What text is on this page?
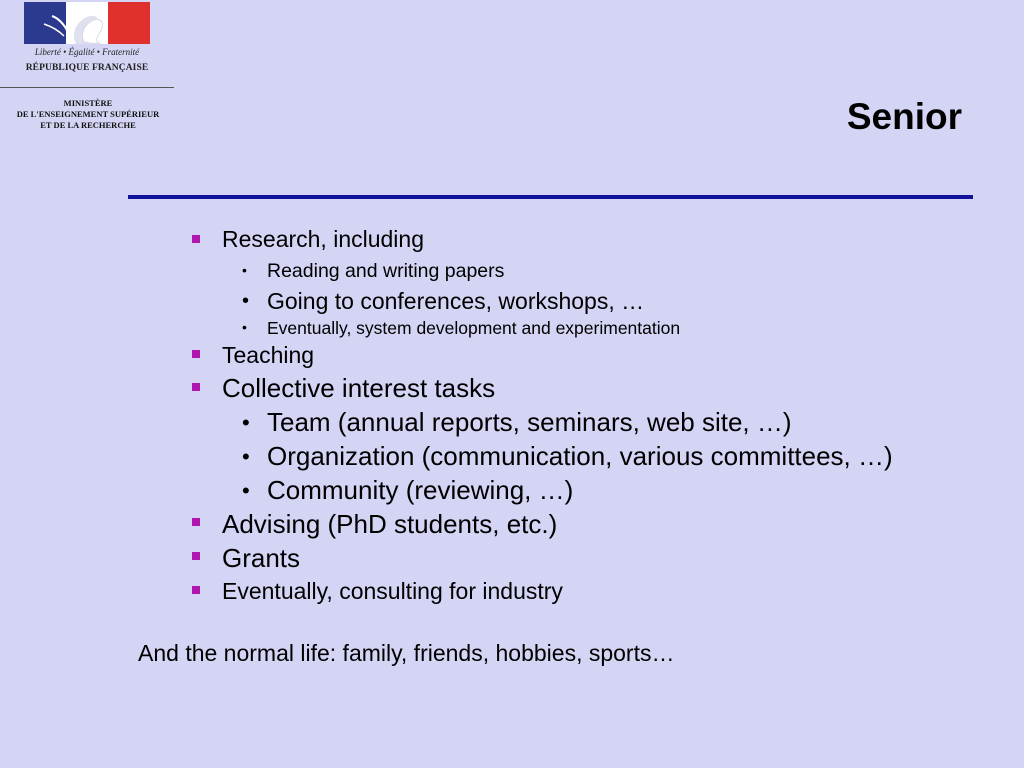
Liberté • Égalité • Fraternité
RÉPUBLIQUE FRANÇAISE
MINISTÈRE
DE L'ENSEIGNEMENT SUPÉRIEUR
ET DE LA RECHERCHE	Senior
Research, including
• Reading and writing papers
• Going to conferences, workshops, …
• Eventually, system development and experimentation
Teaching
Collective interest tasks
• Team (annual reports, seminars, web site, …)
• Organization (communication, various committees, …)
• Community (reviewing, …)
Advising (PhD students, etc.)
Grants
Eventually, consulting for industry
And the normal life: family, friends, hobbies, sports…
